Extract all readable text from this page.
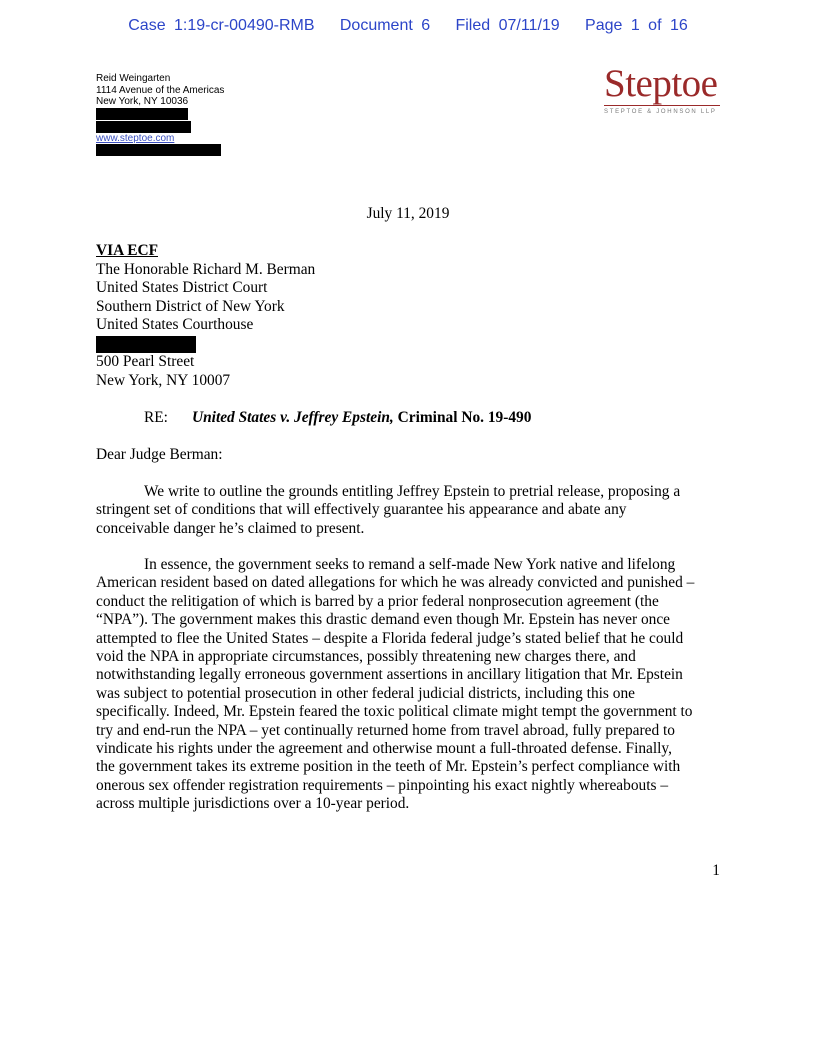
Case 1:19-cr-00490-RMB   Document 6   Filed 07/11/19   Page 1 of 16
Reid Weingarten
1114 Avenue of the Americas
New York, NY 10036
www.steptoe.com
Steptoe
STEPTOE & JOHNSON LLP
July 11, 2019
VIA ECF
The Honorable Richard M. Berman
United States District Court
Southern District of New York
United States Courthouse
500 Pearl Street
New York, NY 10007
RE: United States v. Jeffrey Epstein, Criminal No. 19-490
Dear Judge Berman:
We write to outline the grounds entitling Jeffrey Epstein to pretrial release, proposing a
stringent set of conditions that will effectively guarantee his appearance and abate any
conceivable danger he’s claimed to present.
In essence, the government seeks to remand a self-made New York native and lifelong
American resident based on dated allegations for which he was already convicted and punished –
conduct the relitigation of which is barred by a prior federal nonprosecution agreement (the
“NPA”). The government makes this drastic demand even though Mr. Epstein has never once
attempted to flee the United States – despite a Florida federal judge’s stated belief that he could
void the NPA in appropriate circumstances, possibly threatening new charges there, and
notwithstanding legally erroneous government assertions in ancillary litigation that Mr. Epstein
was subject to potential prosecution in other federal judicial districts, including this one
specifically. Indeed, Mr. Epstein feared the toxic political climate might tempt the government to
try and end-run the NPA – yet continually returned home from travel abroad, fully prepared to
vindicate his rights under the agreement and otherwise mount a full-throated defense. Finally,
the government takes its extreme position in the teeth of Mr. Epstein’s perfect compliance with
onerous sex offender registration requirements – pinpointing his exact nightly whereabouts –
across multiple jurisdictions over a 10-year period.
1
